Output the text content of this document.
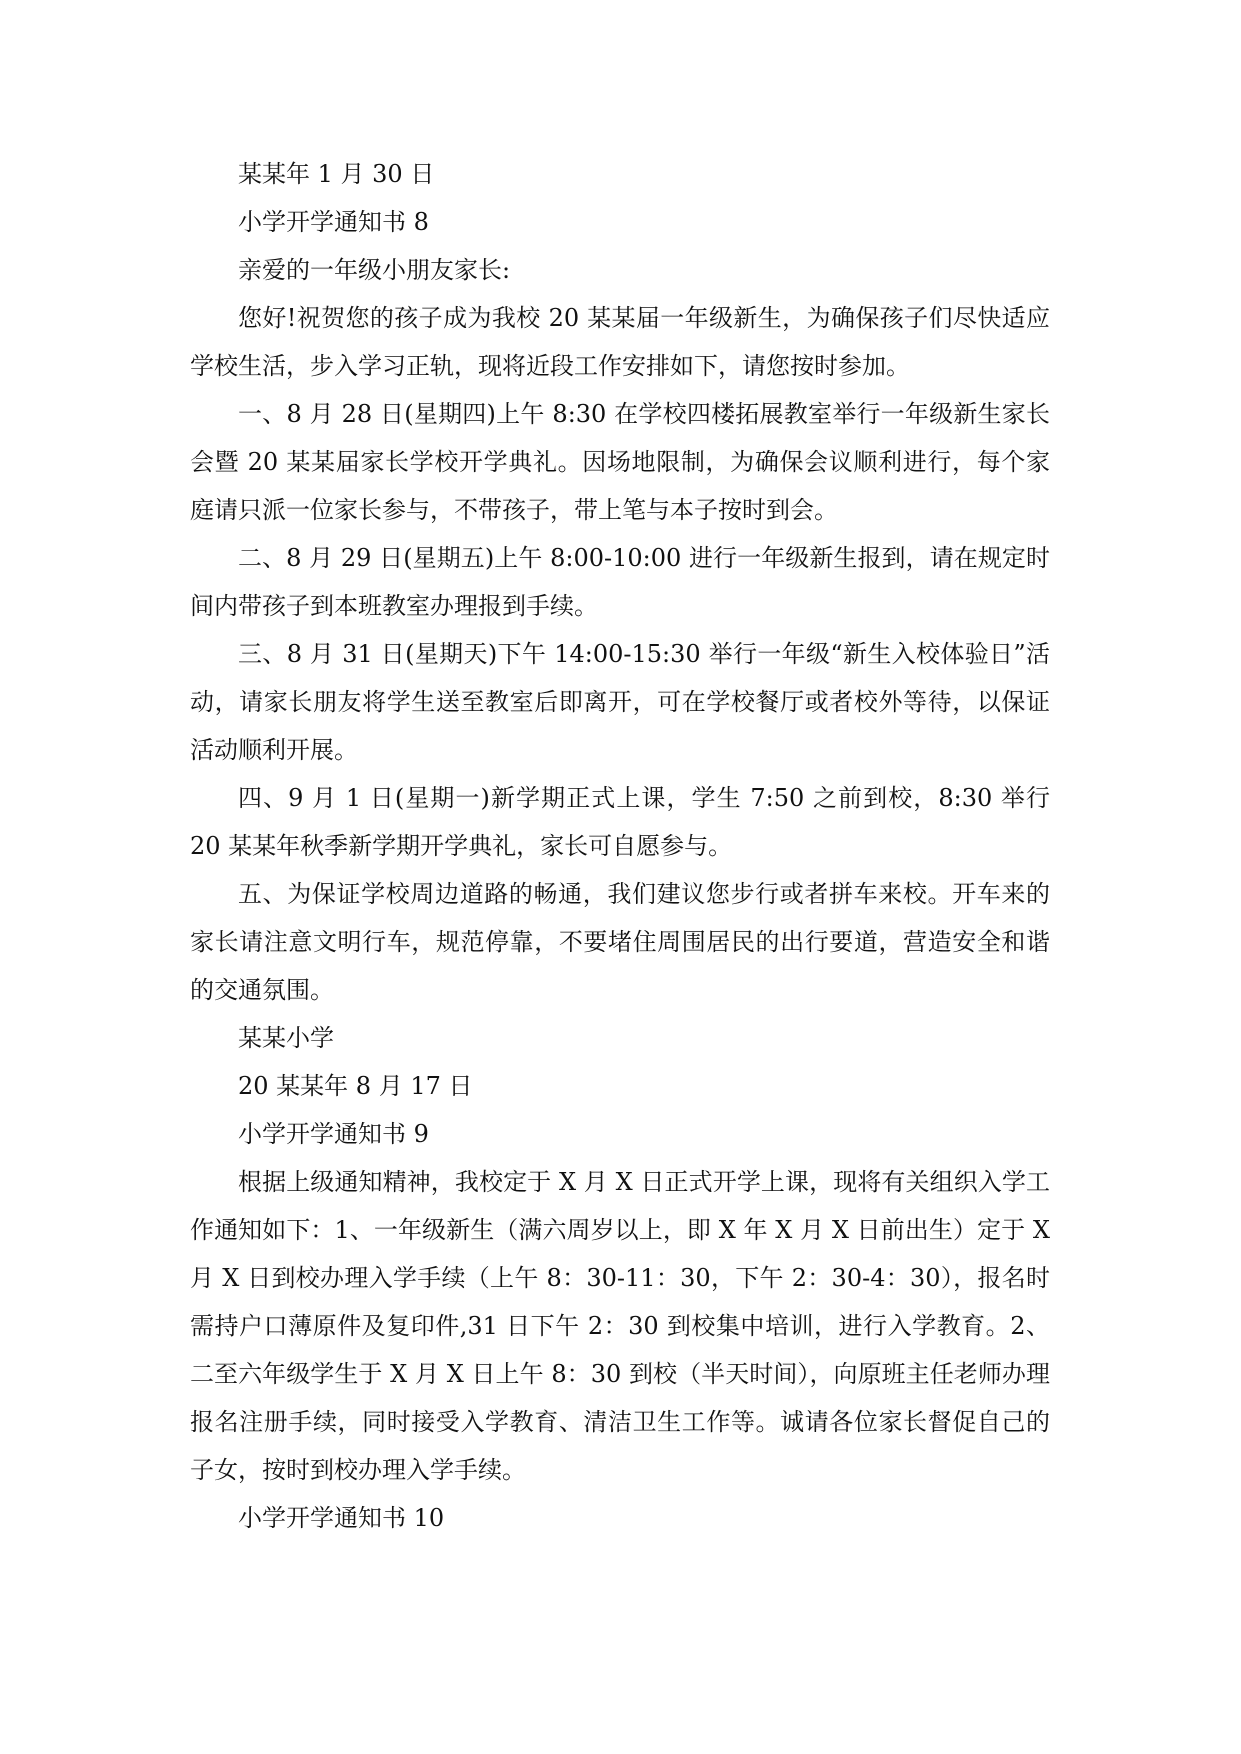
某某年 1 月 30 日

小学开学通知书 8

亲爱的一年级小朋友家长:

您好!祝贺您的孩子成为我校 20 某某届一年级新生，为确保孩子们尽快适应学校生活，步入学习正轨，现将近段工作安排如下，请您按时参加。

一、8 月 28 日(星期四)上午 8:30 在学校四楼拓展教室举行一年级新生家长会暨 20 某某届家长学校开学典礼。因场地限制，为确保会议顺利进行，每个家庭请只派一位家长参与，不带孩子，带上笔与本子按时到会。

二、8 月 29 日(星期五)上午 8:00-10:00 进行一年级新生报到，请在规定时间内带孩子到本班教室办理报到手续。

三、8 月 31 日(星期天)下午 14:00-15:30 举行一年级“新生入校体验日”活动，请家长朋友将学生送至教室后即离开，可在学校餐厅或者校外等待，以保证活动顺利开展。

四、9 月 1 日(星期一)新学期正式上课，学生 7:50 之前到校，8:30 举行 20 某某年秋季新学期开学典礼，家长可自愿参与。

五、为保证学校周边道路的畅通，我们建议您步行或者拼车来校。开车来的家长请注意文明行车，规范停靠，不要堵住周围居民的出行要道，营造安全和谐的交通氛围。

某某小学

20 某某年 8 月 17 日

小学开学通知书 9

根据上级通知精神，我校定于 X 月 X 日正式开学上课，现将有关组织入学工作通知如下：1、一年级新生（满六周岁以上，即 X 年 X 月 X 日前出生）定于 X 月 X 日到校办理入学手续（上午 8：30-11：30，下午 2：30-4：30），报名时需持户口薄原件及复印件,31 日下午 2：30 到校集中培训，进行入学教育。2、二至六年级学生于 X 月 X 日上午 8：30 到校（半天时间），向原班主任老师办理报名注册手续，同时接受入学教育、清洁卫生工作等。诚请各位家长督促自己的子女，按时到校办理入学手续。

小学开学通知书 10
